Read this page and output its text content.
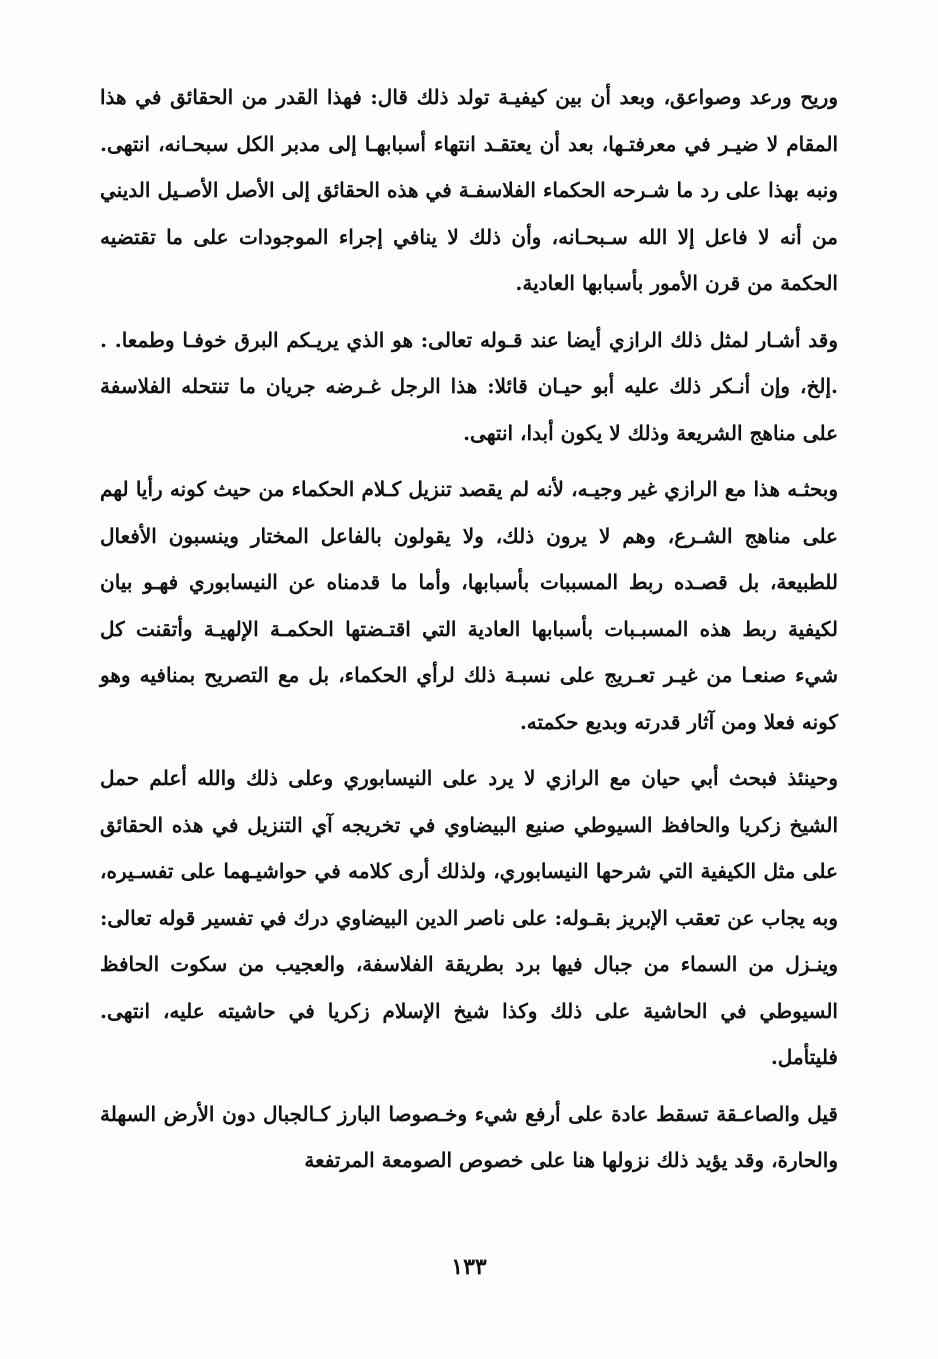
وريح ورعد وصواعق، وبعد أن بين كيفيـة تولد ذلك قال: فهذا القدر من الحقائق في هذا المقام لا ضيـر في معرفتـها، بعد أن يعتقـد انتهاء أسبابهـا إلى مدبر الكل سبحـانه، انتهى. ونبه بهذا على رد ما شـرحه الحكماء الفلاسفـة في هذه الحقائق إلى الأصل الأصـيل الديني من أنه لا فاعل إلا الله سـبحـانه، وأن ذلك لا ينافي إجراء الموجودات على ما تقتضيه الحكمة من قرن الأمور بأسبابها العادية.

وقد أشـار لمثل ذلك الرازي أيضا عند قـوله تعالى: هو الذي يريـكم البرق خوفـا وطمعا. . .إلخ، وإن أنـكر ذلك عليه أبو حيـان قائلا: هذا الرجل غـرضه جريان ما تنتحله الفلاسفة على مناهج الشريعة وذلك لا يكون أبدا، انتهى.

وبحثـه هذا مع الرازي غير وجيـه، لأنه لم يقصد تنزيل كـلام الحكماء من حيث كونه رأيا لهم على مناهج الشـرع، وهم لا يرون ذلك، ولا يقولون بالفاعل المختار وينسبون الأفعال للطبيعة، بل قصـده ربط المسببات بأسبابها، وأما ما قدمناه عن النيسابوري فهـو بيان لكيفية ربط هذه المسبـبات بأسبابها العادية التي اقتـضتها الحكمـة الإلهيـة وأتقنت كل شيء صنعـا من غيـر تعـريج على نسبـة ذلك لرأي الحكماء، بل مع التصريح بمنافيه وهو كونه فعلا ومن آثار قدرته وبديع حكمته.

وحينئذ فبحث أبي حيان مع الرازي لا يرد على النيسابوري وعلى ذلك والله أعلم حمل الشيخ زكريا والحافظ السيوطي صنيع البيضاوي في تخريجه آي التنزيل في هذه الحقائق على مثل الكيفية التي شرحها النيسابوري، ولذلك أرى كلامه في حواشيـهما على تفسـيره، وبه يجاب عن تعقب الإبريز بقـوله: على ناصر الدين البيضاوي درك في تفسير قوله تعالى: وينـزل من السماء من جبال فيها برد بطريقة الفلاسفة، والعجيب من سكوت الحافظ السيوطي في الحاشية على ذلك وكذا شيخ الإسلام زكريا في حاشيته عليه، انتهى. فليتأمل.

قيل والصاعـقة تسقط عادة على أرفع شيء وخـصوصا البارز كـالجبال دون الأرض السهلة والحارة، وقد يؤيد ذلك نزولها هنا على خصوص الصومعة المرتفعة

١٣٣
